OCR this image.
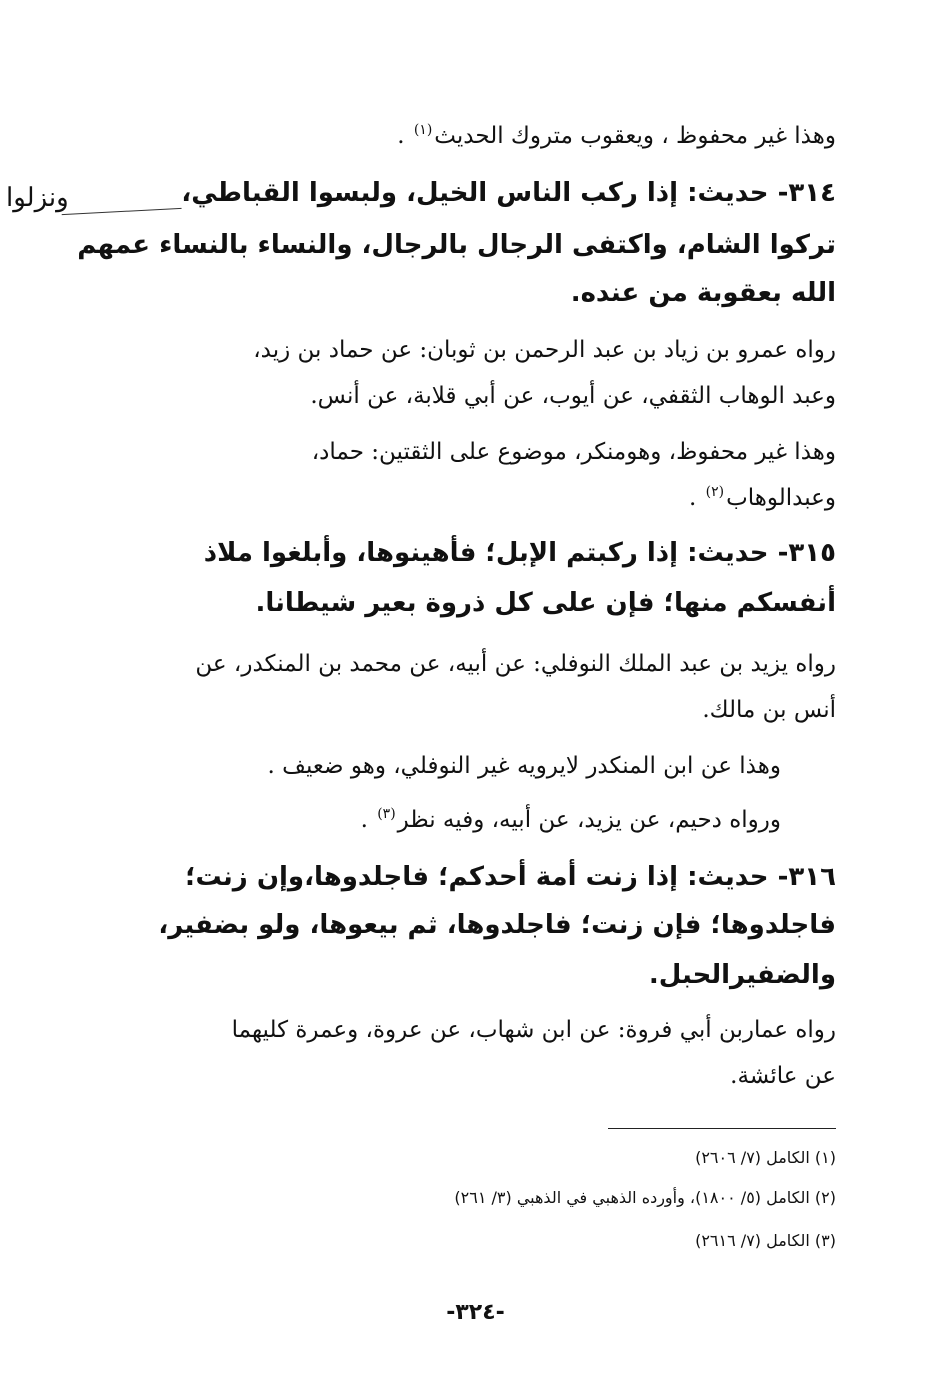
وهذا غير محفوظ ، ويعقوب متروك الحديث$^{(١)}$ .
٣١٤- حديث: إذا ركب الناس الخيل، ولبسوا القباطي،
ونزلوا
تركوا الشام، واكتفى الرجال بالرجال، والنساء بالنساء عمهم
الله بعقوبة من عنده.
رواه عمرو بن زياد بن عبد الرحمن بن ثوبان: عن حماد بن زيد،
وعبد الوهاب الثقفي، عن أيوب، عن أبي قلابة، عن أنس.
وهذا غير محفوظ، وهومنكر، موضوع على الثقتين: حماد،
وعبدالوهاب$^{(٢)}$ .
٣١٥- حديث: إذا ركبتم الإبل؛ فأهينوها، وأبلغوا ملاذ
أنفسكم منها؛ فإن على كل ذروة بعير شيطانا.
رواه يزيد بن عبد الملك النوفلي: عن أبيه، عن محمد بن المنكدر، عن
أنس بن مالك.
وهذا عن ابن المنكدر لايرويه غير النوفلي، وهو ضعيف .
ورواه دحيم، عن يزيد، عن أبيه، وفيه نظر$^{(٣)}$ .
٣١٦- حديث: إذا زنت أمة أحدكم؛ فاجلدوها،وإن زنت؛
فاجلدوها؛ فإن زنت؛ فاجلدوها، ثم بيعوها، ولو بضفير،
والضفيرالحبل.
رواه عماربن أبي فروة: عن ابن شهاب، عن عروة، وعمرة كليهما
عن عائشة.
(١) الكامل (٧/ ٢٦٠٦)
(٢) الكامل (٥/ ١٨٠٠)، وأورده الذهبي في الذهبي (٣/ ٢٦١)
(٣) الكامل (٧/ ٢٦١٦)
-٣٢٤-
